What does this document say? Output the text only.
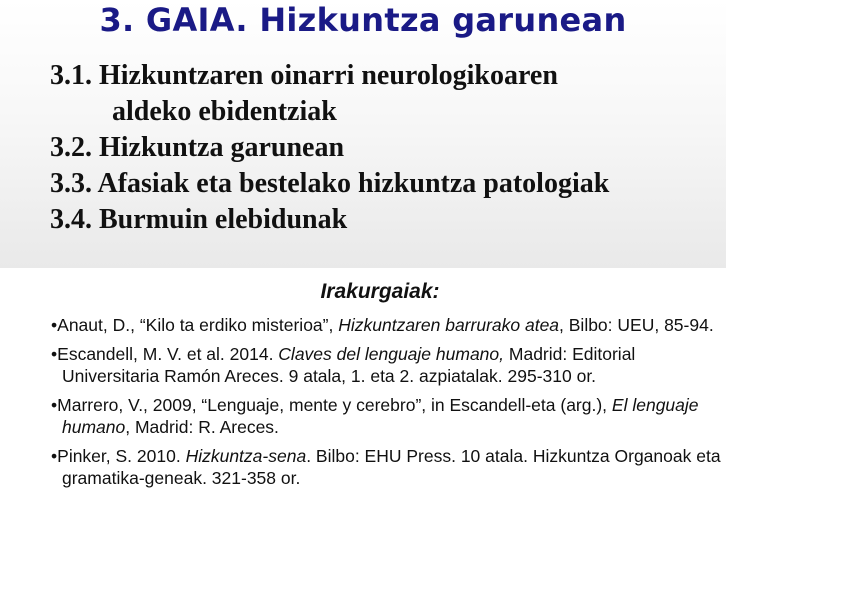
3. GAIA. Hizkuntza garunean
3.1. Hizkuntzaren oinarri neurologikoaren
aldeko ebidentziak
3.2. Hizkuntza garunean
3.3. Afasiak eta bestelako hizkuntza patologiak
3.4. Burmuin elebidunak
Irakurgaiak:
•Anaut, D., “Kilo ta erdiko misterioa”, Hizkuntzaren barrurako atea, Bilbo: UEU, 85-94.
•Escandell, M. V. et al. 2014. Claves del lenguaje humano, Madrid: Editorial Universitaria Ramón Areces. 9 atala, 1. eta 2. azpiatalak. 295-310 or.
•Marrero, V., 2009, “Lenguaje, mente y cerebro”, in Escandell-eta (arg.), El lenguaje humano, Madrid: R. Areces.
•Pinker, S. 2010. Hizkuntza-sena. Bilbo: EHU Press. 10 atala. Hizkuntza Organoak eta gramatika-geneak. 321-358 or.
